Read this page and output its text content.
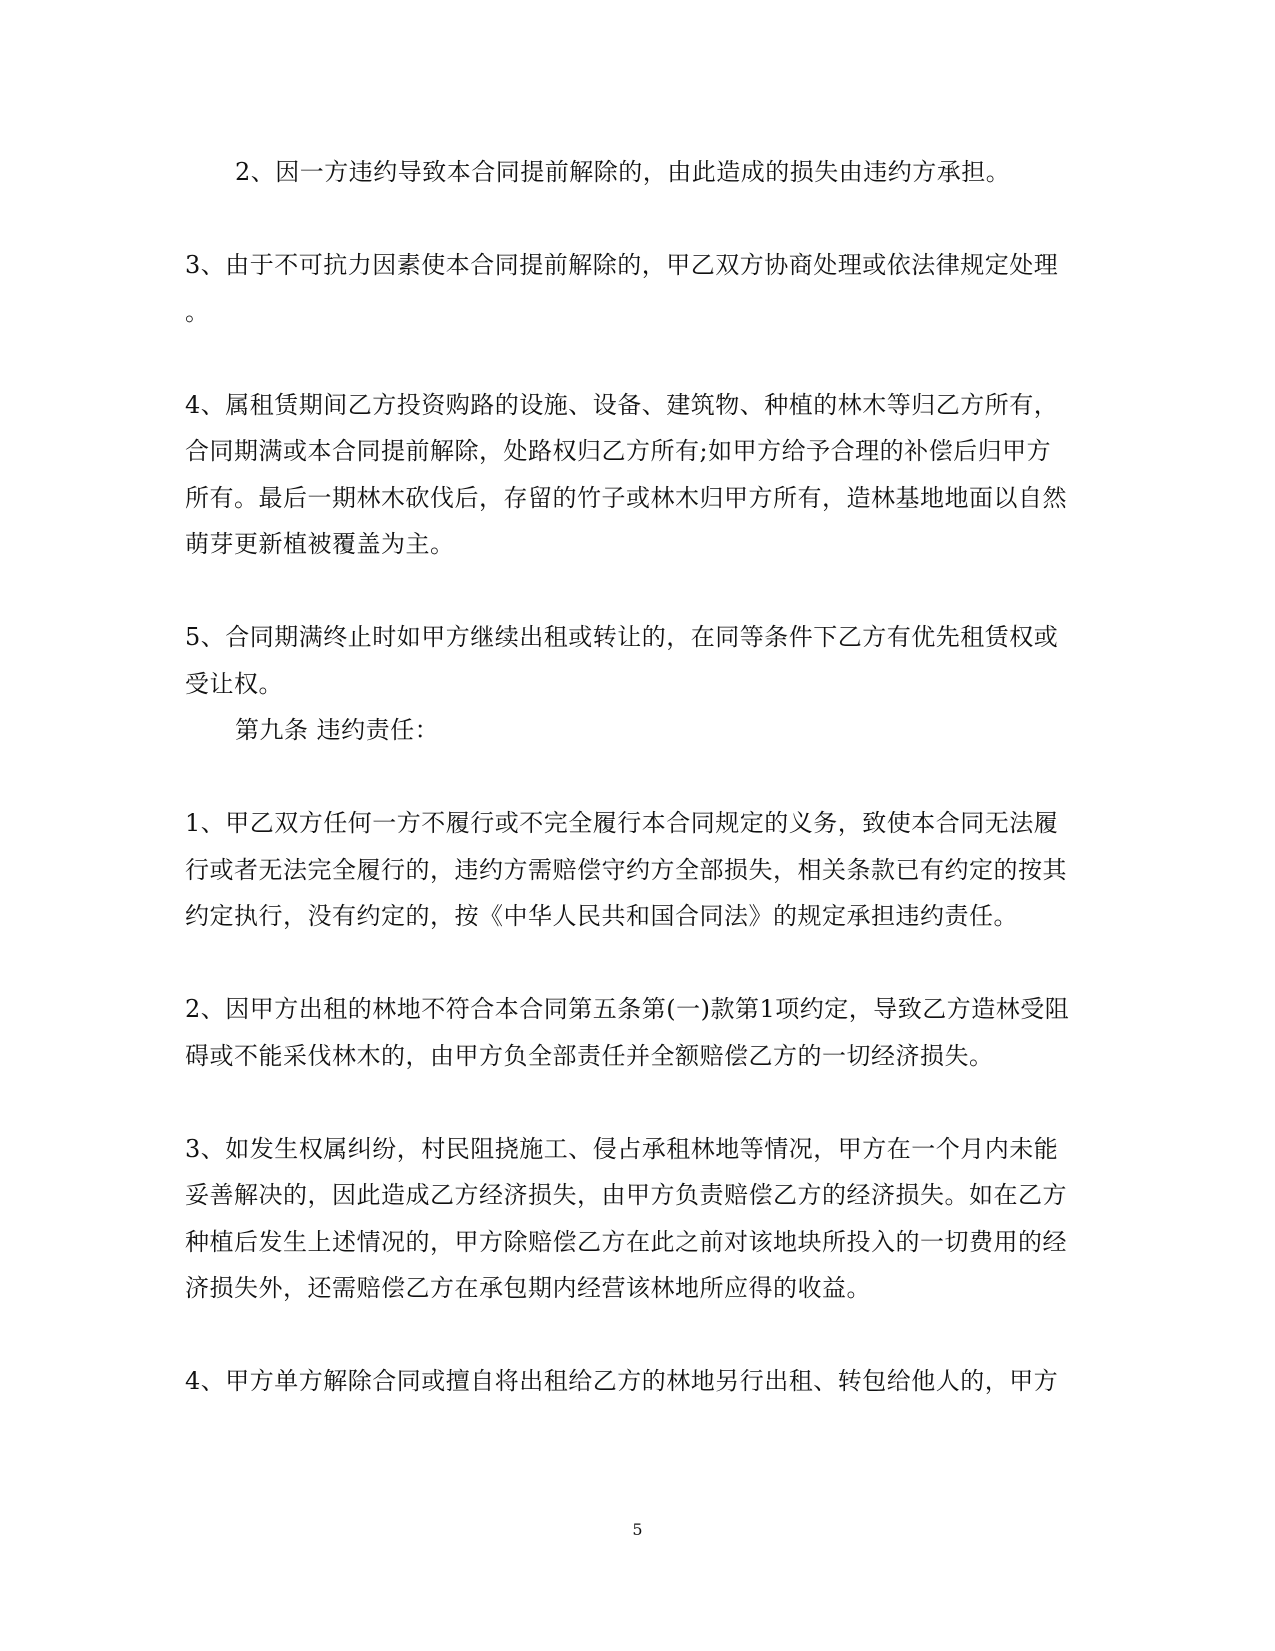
2、因一方违约导致本合同提前解除的，由此造成的损失由违约方承担。
3、由于不可抗力因素使本合同提前解除的，甲乙双方协商处理或依法律规定处理
。
4、属租赁期间乙方投资购路的设施、设备、建筑物、种植的林木等归乙方所有，
合同期满或本合同提前解除，处路权归乙方所有;如甲方给予合理的补偿后归甲方
所有。最后一期林木砍伐后，存留的竹子或林木归甲方所有，造林基地地面以自然
萌芽更新植被覆盖为主。
5、合同期满终止时如甲方继续出租或转让的，在同等条件下乙方有优先租赁权或
受让权。
第九条 违约责任：
1、甲乙双方任何一方不履行或不完全履行本合同规定的义务，致使本合同无法履
行或者无法完全履行的，违约方需赔偿守约方全部损失，相关条款已有约定的按其
约定执行，没有约定的，按《中华人民共和国合同法》的规定承担违约责任。
2、因甲方出租的林地不符合本合同第五条第(一)款第1项约定，导致乙方造林受阻
碍或不能采伐林木的，由甲方负全部责任并全额赔偿乙方的一切经济损失。
3、如发生权属纠纷，村民阻挠施工、侵占承租林地等情况，甲方在一个月内未能
妥善解决的，因此造成乙方经济损失，由甲方负责赔偿乙方的经济损失。如在乙方
种植后发生上述情况的，甲方除赔偿乙方在此之前对该地块所投入的一切费用的经
济损失外，还需赔偿乙方在承包期内经营该林地所应得的收益。
4、甲方单方解除合同或擅自将出租给乙方的林地另行出租、转包给他人的，甲方
5
